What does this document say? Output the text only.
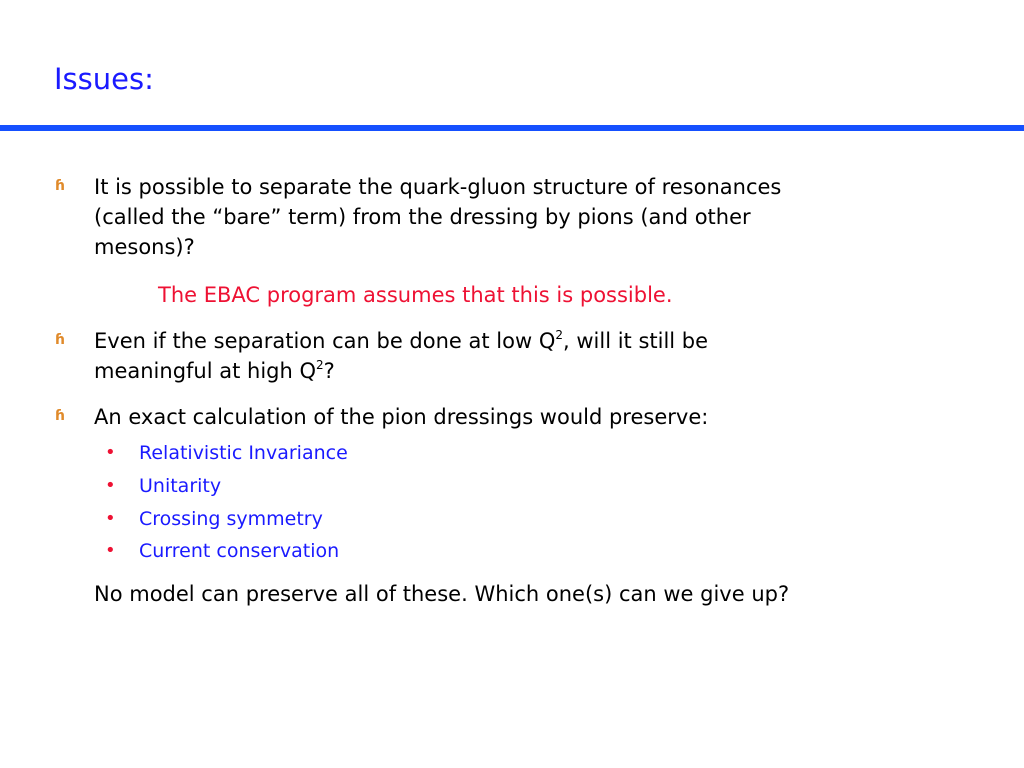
Issues:
ɦ It is possible to separate the quark-gluon structure of resonances
(called the “bare” term) from the dressing by pions (and other
mesons)?
The EBAC program assumes that this is possible.
ɦ Even if the separation can be done at low $Q^2$, will it still be
meaningful at high $Q^2$?
ɦ An exact calculation of the pion dressings would preserve:
• Relativistic Invariance
• Unitarity
• Crossing symmetry
• Current conservation
No model can preserve all of these. Which one(s) can we give up?
